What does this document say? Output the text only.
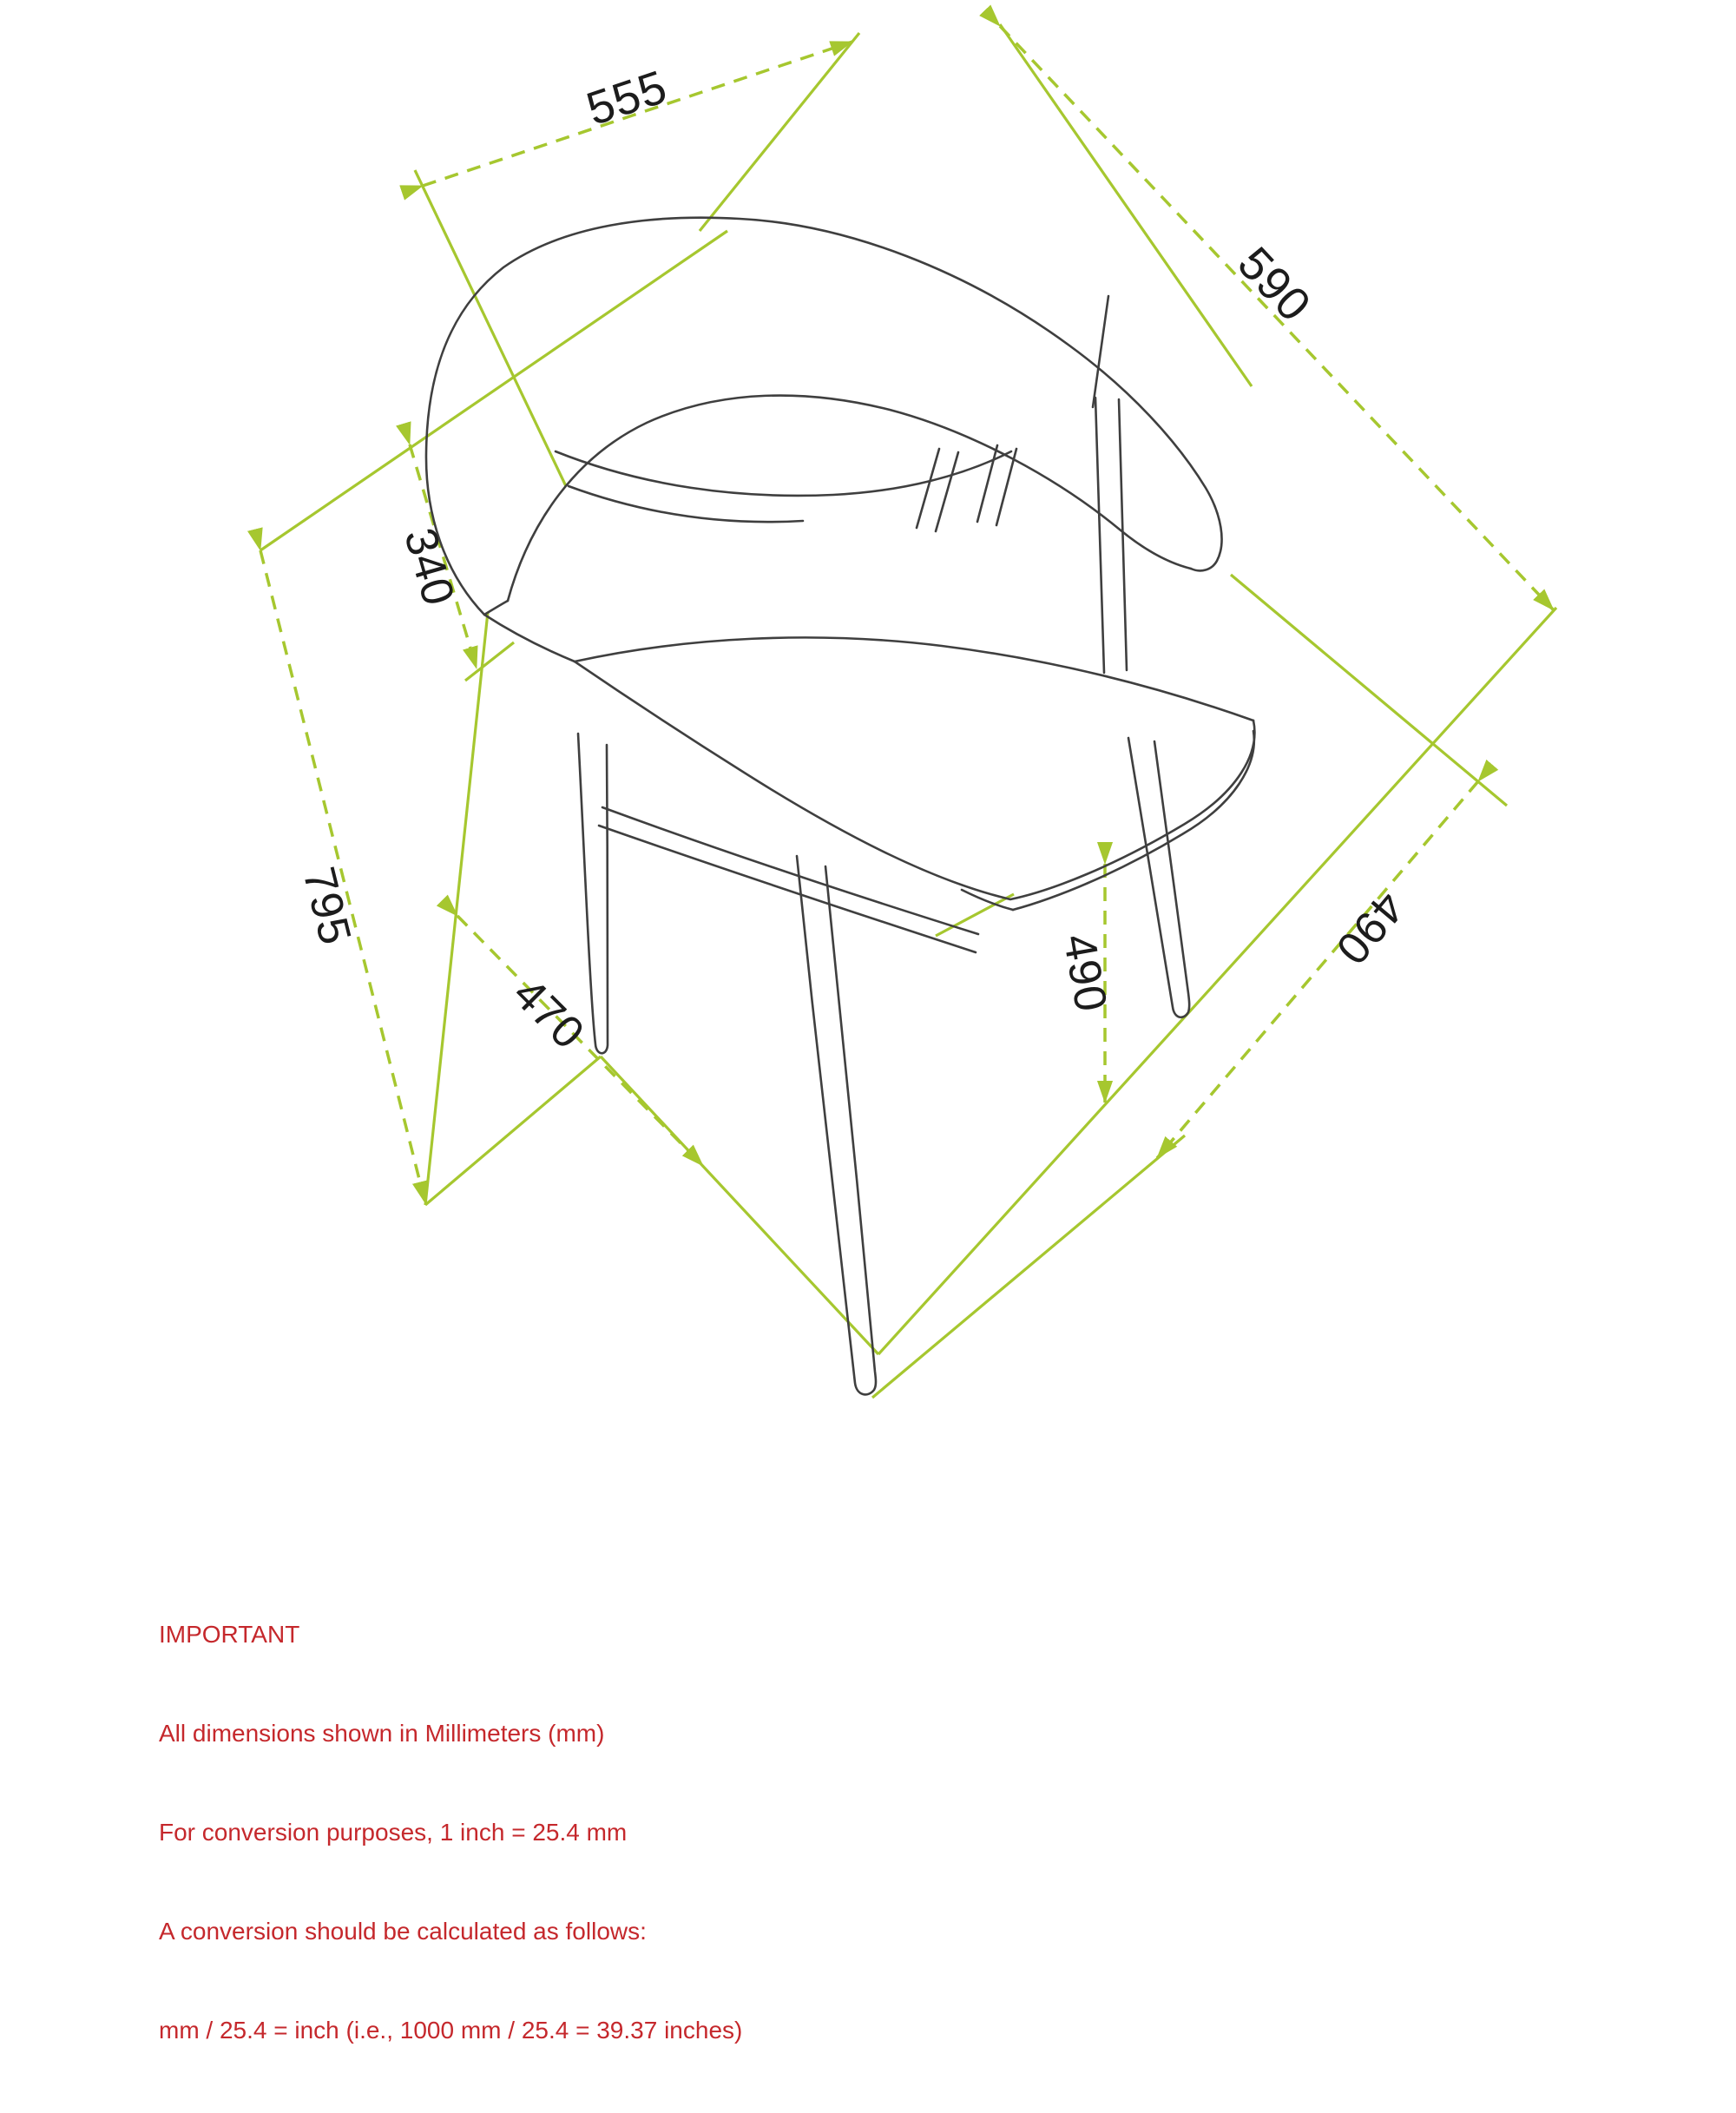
555
590
340
795
470	490	490

IMPORTANT

All dimensions shown in Millimeters (mm)

For conversion purposes, 1 inch = 25.4 mm

A conversion should be calculated as follows:

mm / 25.4 = inch (i.e., 1000 mm / 25.4 = 39.37 inches)
